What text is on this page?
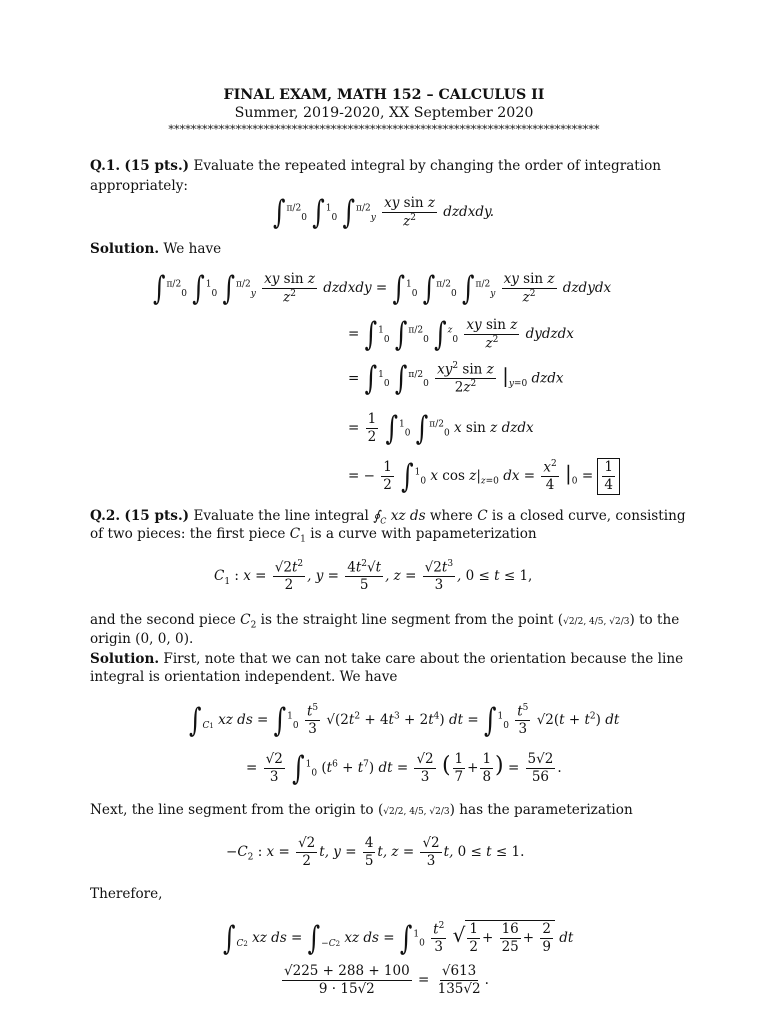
FINAL EXAM, MATH 152 – CALCULUS II
Summer, 2019-2020, XX September 2020
*****************************************************************************
Q.1. (15 pts.) Evaluate the repeated integral by changing the order of integration
appropriately:
∫$^{\pi/2}_0$ ∫$^1_0$ $\int^{\pi/2}_y \frac{\text{xy sin z}}{z^2}$ dzdxdy.
Solution. We have
∫$^{\pi/2}_0$ ∫$^1_0$ $\int^{\pi/2}_y \frac{\text{xy sin z}}{z^2}$ dzdxdy = ∫$^1_0$ ∫$^{\pi/2}_0$ $\int^{\pi/2}_y \frac{\text{xy sin z}}{z^2}$ dzdydx
= ∫$^1_0$ ∫$^{\pi/2}_0$ $\int^z_0 \frac{\text{xy sin z}}{z^2}$ dydzdx
= ∫$^1_0$ $\int^{\pi/2}_0 \frac{xy^2 \sin z}{2z^2} |_{y=0}$ dzdx
= $\frac{1}{2} \int^1_0$ ∫$^{\pi/2}_0$ x sin z dzdx
= − $\frac{1}{2} \int^1_0$ x $\cos z|_{z=0}$ dx = $\frac{x^2}{4} |_0 = \frac{1}{4}$
Q.2. (15 pts.) Evaluate the line integral $∮_C$ xz ds where C is a closed curve, consisting
of two pieces: the first piece $C_1$ is a curve with papameterization
$C_1$ : $x = \frac{√2t^2}{2}$ , $y = \frac{4t^2√t}{5}$ , $z = \frac{√2t^3}{3}$ , 0 ≤ t ≤ 1,
and the second piece $C_2$ is the straight line segment from the point (√2/2, 4/5, √2/3) to the
origin (0, 0, 0).
Solution. First, note that we can not take care about the orientation because the line
integral is orientation independent. We have
$\int_{C1}$ xz ds = $\int^1_0 \frac{t^5}{3} √(2t^2 + 4t^3 + 2t^4)$ dt = $\int^1_0 \frac{t^5}{3} √2(t + t^2)$ dt
= $\frac{√2}{3} \int^1_0$ $(t^6 + t^7)$ dt = $\frac{√2}{3}$ ( $\frac{1}{7} + \frac{1}{8}$ ) = $\frac{5√2}{56}$ .
Next, the line segment from the origin to (√2/2, 4/5, √2/3) has the parameterization
$-C_2$ : $x = \frac{√2}{2} t$, $y = \frac{4}{5} t$, $z = \frac{√2}{3} t$, 0 ≤ t ≤ 1.
Therefore,
$\int_{C2}$ xz ds = $\int_{-C2}$ xz ds = $\int^1_0 \frac{t^2}{3}$ √ $\frac{1}{2} + \frac{16}{25} + \frac{2}{9}$ dt
$\frac{√225 + 288 + 100}{9 \cdot 15√2} = \frac{√613}{135√2}$ .
